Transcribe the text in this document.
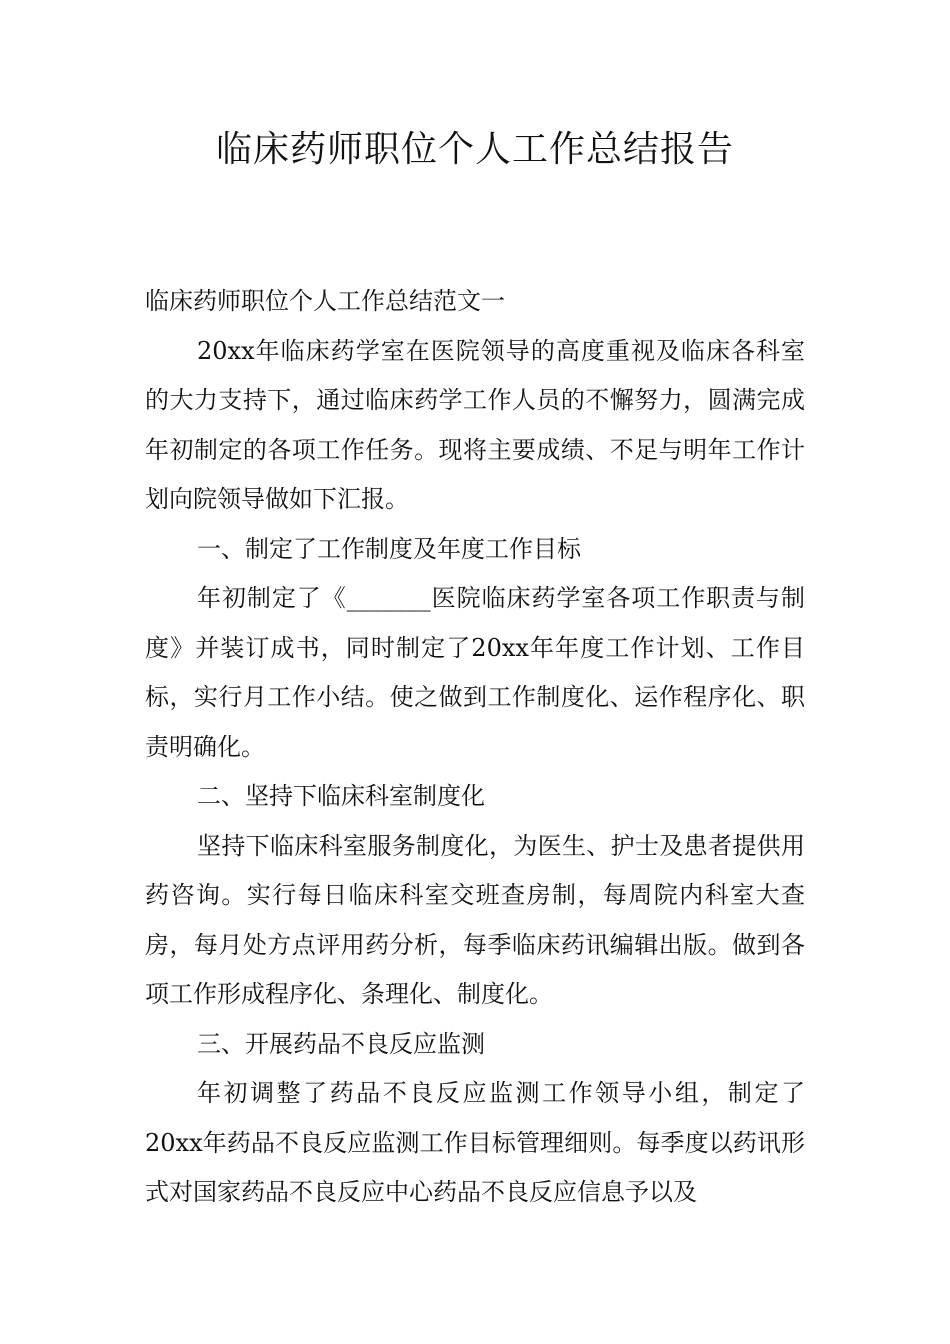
临床药师职位个人工作总结报告

临床药师职位个人工作总结范文一

20xx年临床药学室在医院领导的高度重视及临床各科室的大力支持下，通过临床药学工作人员的不懈努力，圆满完成年初制定的各项工作任务。现将主要成绩、不足与明年工作计划向院领导做如下汇报。

一、制定了工作制度及年度工作目标

年初制定了《_______医院临床药学室各项工作职责与制度》并装订成书，同时制定了20xx年年度工作计划、工作目标，实行月工作小结。使之做到工作制度化、运作程序化、职责明确化。

二、坚持下临床科室制度化

坚持下临床科室服务制度化，为医生、护士及患者提供用药咨询。实行每日临床科室交班查房制，每周院内科室大查房，每月处方点评用药分析，每季临床药讯编辑出版。做到各项工作形成程序化、条理化、制度化。

三、开展药品不良反应监测

年初调整了药品不良反应监测工作领导小组，制定了20xx年药品不良反应监测工作目标管理细则。每季度以药讯形式对国家药品不良反应中心药品不良反应信息予以及
